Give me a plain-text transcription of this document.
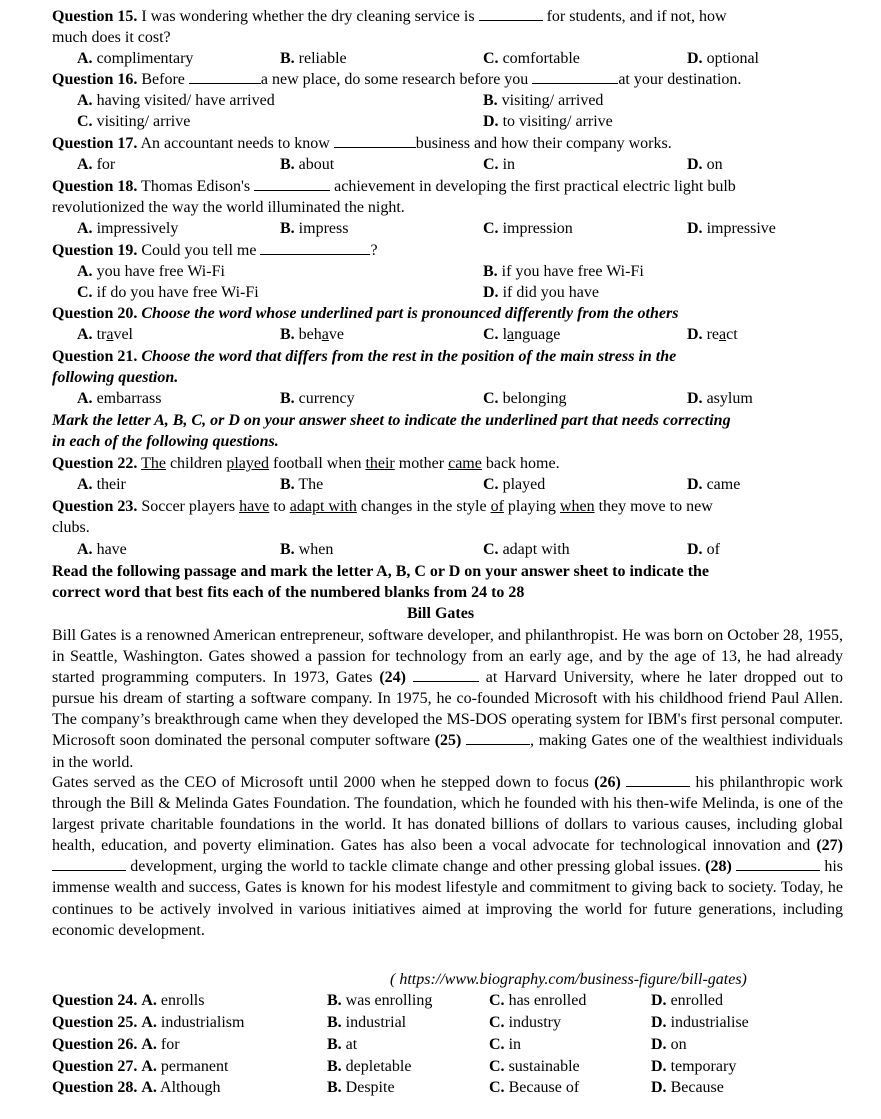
Question 15. I was wondering whether the dry cleaning service is	for students, and if not, how
much does it cost?
A. complimentary	B. reliable	C. comfortable	D. optional
Question 16. Before	a new place, do some research before you	at your destination.
A. having visited/ have arrived	B. visiting/ arrived
C. visiting/ arrive	D. to visiting/ arrive
Question 17. An accountant needs to know	business and how their company works.
A. for	B. about	C. in	D. on
Question 18. Thomas Edison's	achievement in developing the first practical electric light bulb
revolutionized the way the world illuminated the night.
A. impressively	B. impress	C. impression	D. impressive
Question 19. Could you tell me	?
A. you have free Wi-Fi	B. if you have free Wi-Fi
C. if do you have free Wi-Fi	D. if did you have
Question 20. Choose the word whose underlined part is pronounced differently from the others
A. travel	B. behave	C. language	D. react
Question 21. Choose the word that differs from the rest in the position of the main stress in the
following question.
A. embarrass	B. currency	C. belonging	D. asylum
Mark the letter A, B, C, or D on your answer sheet to indicate the underlined part that needs correcting
in each of the following questions.
Question 22. The children played football when their mother came back home.
A. their	B. The	C. played	D. came
Question 23. Soccer players have to adapt with changes in the style of playing when they move to new
clubs.
A. have	B. when	C. adapt with	D. of
Read the following passage and mark the letter A, B, C or D on your answer sheet to indicate the
correct word that best fits each of the numbered blanks from 24 to 28
Bill Gates
Bill Gates is a renowned American entrepreneur, software developer, and philanthropist. He was born on October 28, 1955, in Seattle, Washington. Gates showed a passion for technology from an early age, and by the age of 13, he had already started programming computers. In 1973, Gates (24)	at Harvard University, where he later dropped out to pursue his dream of starting a software company. In 1975, he co-founded Microsoft with his childhood friend Paul Allen. The company’s breakthrough came when they developed the MS-DOS operating system for IBM's first personal computer. Microsoft soon dominated the personal computer software (25)	, making Gates one of the wealthiest individuals in the world.
Gates served as the CEO of Microsoft until 2000 when he stepped down to focus (26)	his philanthropic work through the Bill & Melinda Gates Foundation. The foundation, which he founded with his then-wife Melinda, is one of the largest private charitable foundations in the world. It has donated billions of dollars to various causes, including global health, education, and poverty elimination. Gates has also been a vocal advocate for technological innovation and (27)  development, urging the world to tackle climate change and other pressing global issues. (28)	his immense wealth and success, Gates is known for his modest lifestyle and commitment to giving back to society. Today, he continues to be actively involved in various initiatives aimed at improving the world for future generations, including economic development.
( https://www.biography.com/business-figure/bill-gates)
Question 24. A. enrolls	B. was enrolling	C. has enrolled	D. enrolled
Question 25. A. industrialism	B. industrial	C. industry	D. industrialise
Question 26. A. for	B. at	C. in	D. on
Question 27. A. permanent	B. depletable	C. sustainable	D. temporary
Question 28. A. Although	B. Despite	C. Because of	D. Because
